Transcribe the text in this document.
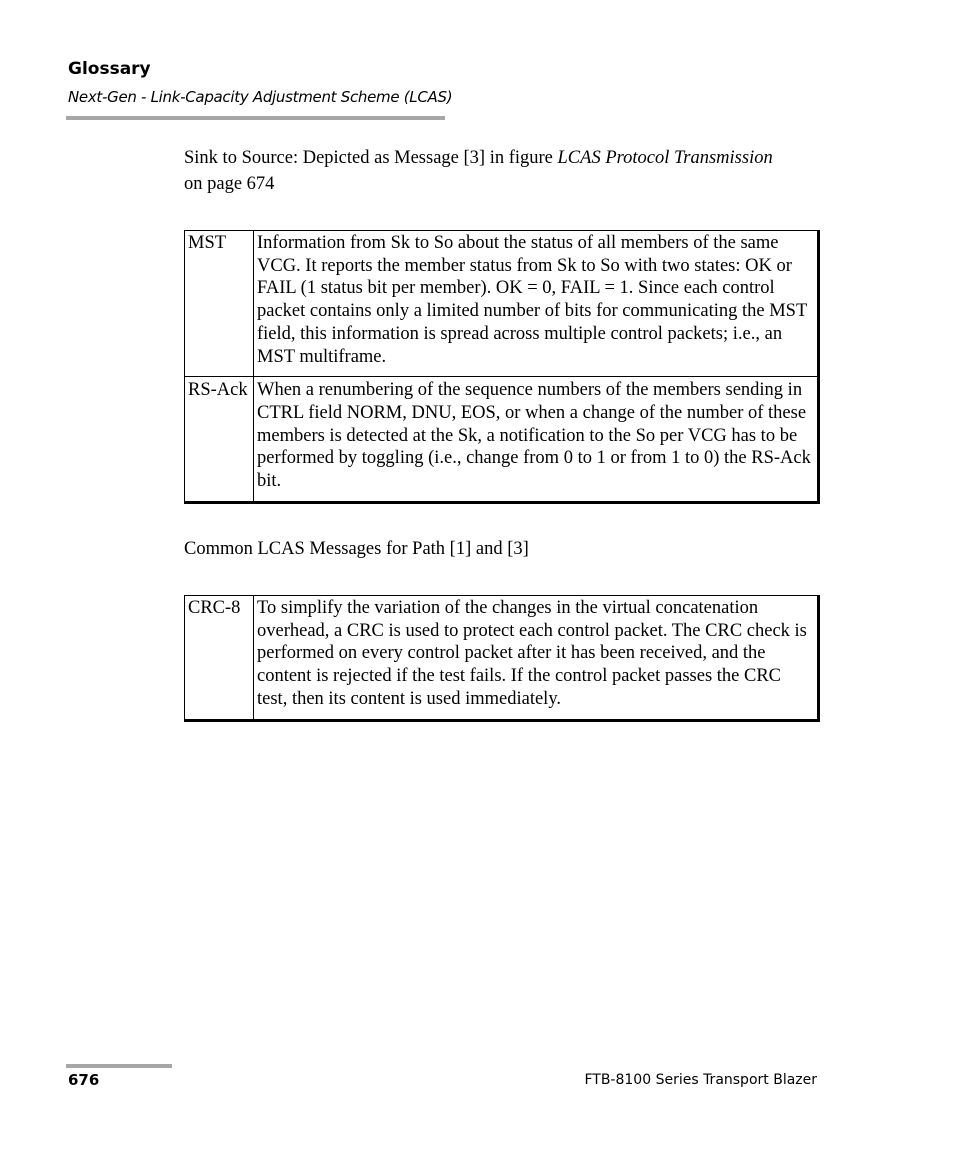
Glossary
Next-Gen - Link-Capacity Adjustment Scheme (LCAS)

Sink to Source: Depicted as Message [3] in figure LCAS Protocol Transmission on page 674

MST	Information from Sk to So about the status of all members of the same VCG. It reports the member status from Sk to So with two states: OK or FAIL (1 status bit per member). OK = 0, FAIL = 1. Since each control packet contains only a limited number of bits for communicating the MST field, this information is spread across multiple control packets; i.e., an MST multiframe.
RS-Ack	When a renumbering of the sequence numbers of the members sending in CTRL field NORM, DNU, EOS, or when a change of the number of these members is detected at the Sk, a notification to the So per VCG has to be performed by toggling (i.e., change from 0 to 1 or from 1 to 0) the RS-Ack bit.

Common LCAS Messages for Path [1] and [3]

CRC-8	To simplify the variation of the changes in the virtual concatenation overhead, a CRC is used to protect each control packet. The CRC check is performed on every control packet after it has been received, and the content is rejected if the test fails. If the control packet passes the CRC test, then its content is used immediately.
676	FTB-8100 Series Transport Blazer
